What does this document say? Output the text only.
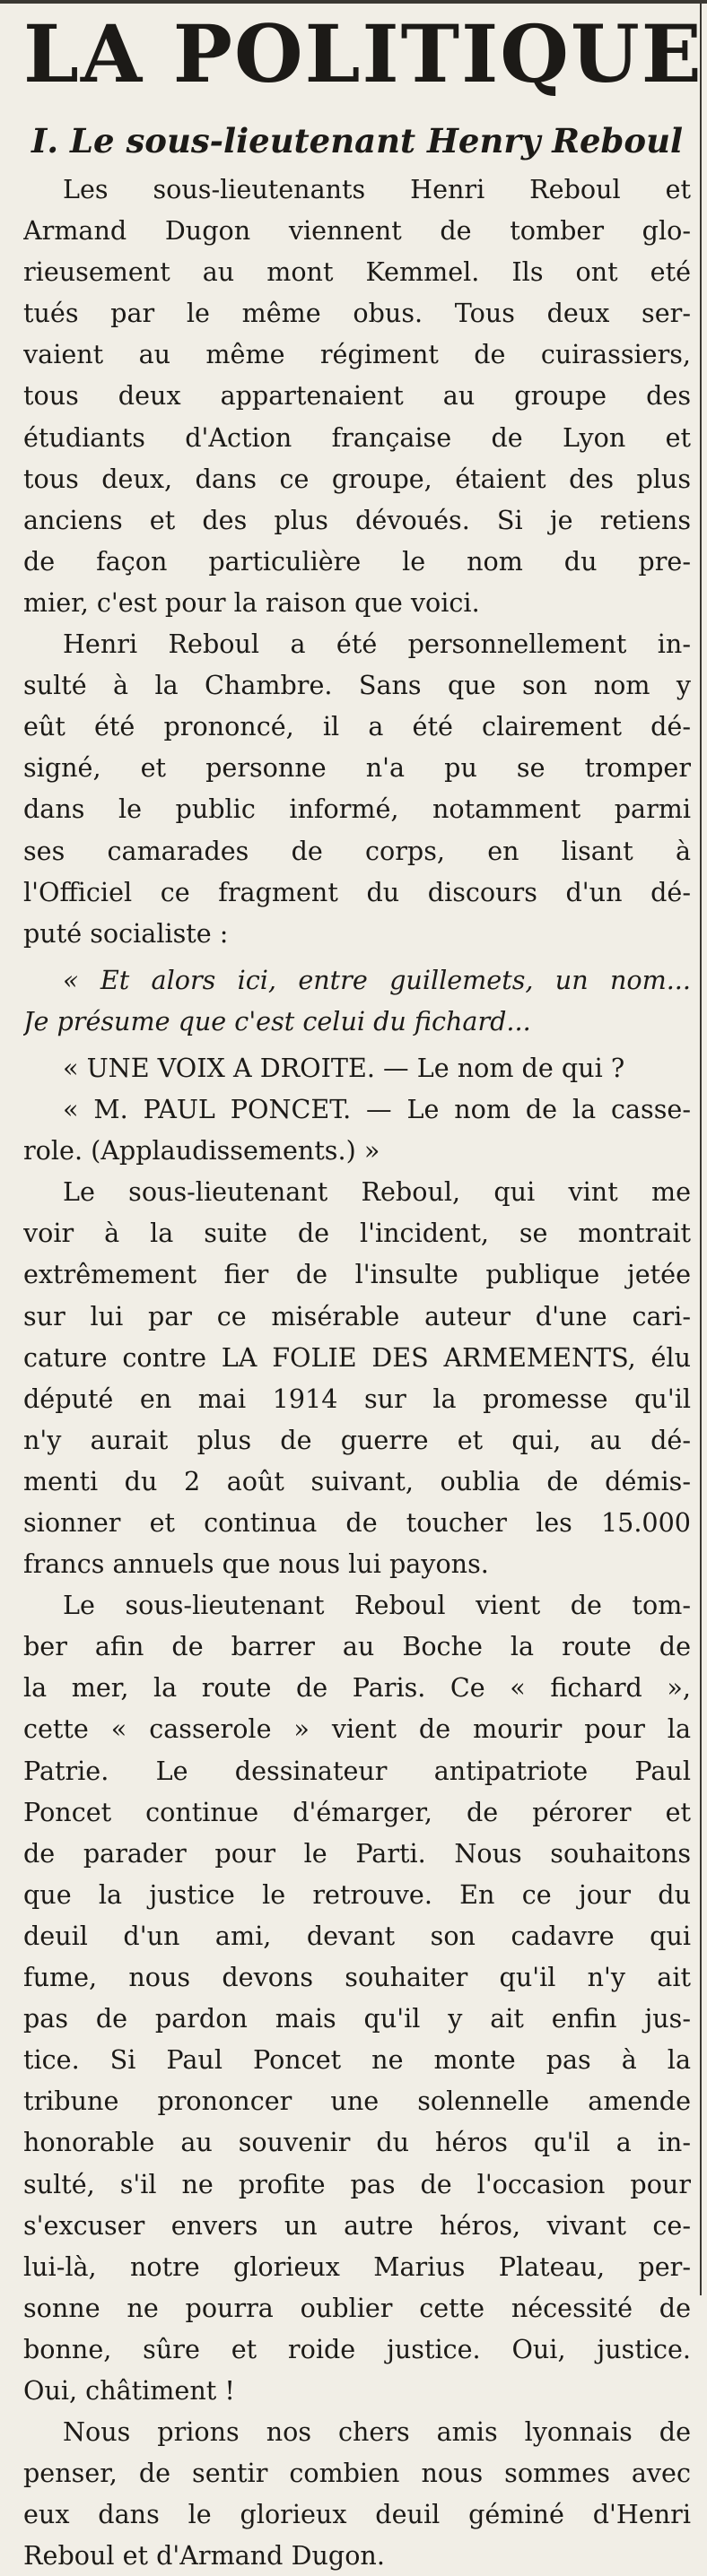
LA POLITIQUE
I. Le sous-lieutenant Henry Reboul
Les sous-lieutenants Henri Reboul et
Armand Dugon viennent de tomber glo-
rieusement au mont Kemmel. Ils ont eté
tués par le même obus. Tous deux ser-
vaient au même régiment de cuirassiers,
tous deux appartenaient au groupe des
étudiants d'Action française de Lyon et
tous deux, dans ce groupe, étaient des plus
anciens et des plus dévoués. Si je retiens
de façon particulière le nom du pre-
mier, c'est pour la raison que voici.
Henri Reboul a été personnellement in-
sulté à la Chambre. Sans que son nom y
eût été prononcé, il a été clairement dé-
signé, et personne n'a pu se tromper
dans le public informé, notamment parmi
ses camarades de corps, en lisant à
l'Officiel ce fragment du discours d'un dé-
puté socialiste :
« Et alors ici, entre guillemets, un nom...
Je présume que c'est celui du fichard...
« UNE VOIX A DROITE. — Le nom de qui ?
« M. PAUL PONCET. — Le nom de la casse-
role. (Applaudissements.) »
Le sous-lieutenant Reboul, qui vint me
voir à la suite de l'incident, se montrait
extrêmement fier de l'insulte publique jetée
sur lui par ce misérable auteur d'une cari-
cature contre LA FOLIE DES ARMEMENTS, élu
député en mai 1914 sur la promesse qu'il
n'y aurait plus de guerre et qui, au dé-
menti du 2 août suivant, oublia de démis-
sionner et continua de toucher les 15.000
francs annuels que nous lui payons.
Le sous-lieutenant Reboul vient de tom-
ber afin de barrer au Boche la route de
la mer, la route de Paris. Ce « fichard »,
cette « casserole » vient de mourir pour la
Patrie. Le dessinateur antipatriote Paul
Poncet continue d'émarger, de pérorer et
de parader pour le Parti. Nous souhaitons
que la justice le retrouve. En ce jour du
deuil d'un ami, devant son cadavre qui
fume, nous devons souhaiter qu'il n'y ait
pas de pardon mais qu'il y ait enfin jus-
tice. Si Paul Poncet ne monte pas à la
tribune prononcer une solennelle amende
honorable au souvenir du héros qu'il a in-
sulté, s'il ne profite pas de l'occasion pour
s'excuser envers un autre héros, vivant ce-
lui-là, notre glorieux Marius Plateau, per-
sonne ne pourra oublier cette nécessité de
bonne, sûre et roide justice. Oui, justice.
Oui, châtiment !
Nous prions nos chers amis lyonnais de
penser, de sentir combien nous sommes avec
eux dans le glorieux deuil géminé d'Henri
Reboul et d'Armand Dugon.
